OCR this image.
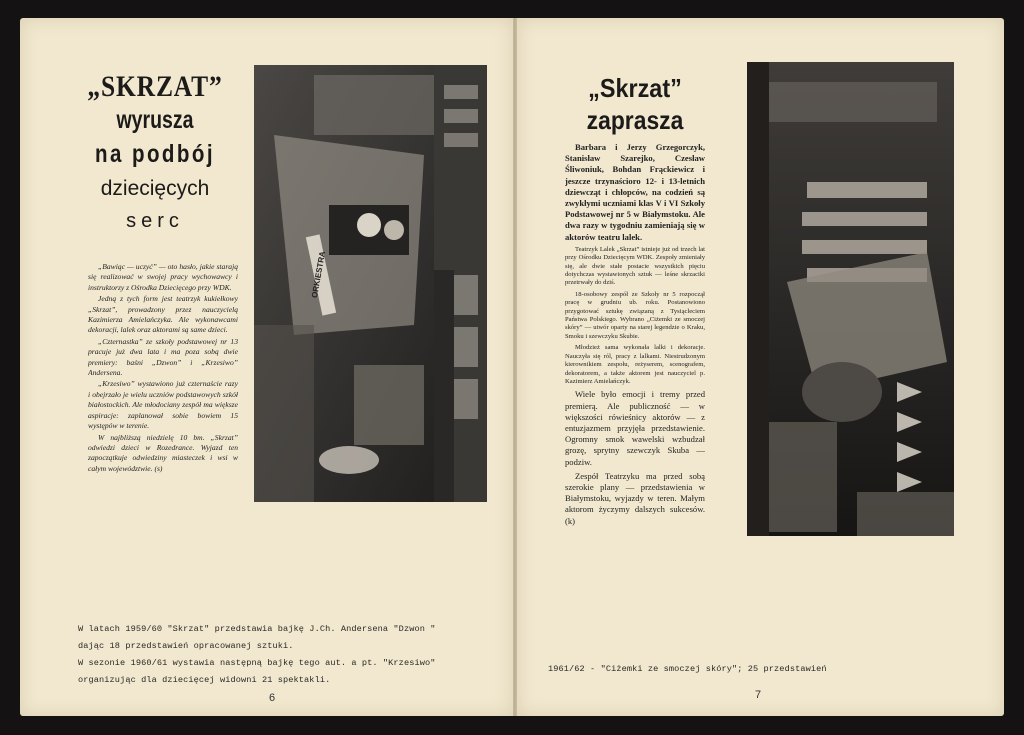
„SKRZAT”
wyrusza
na podbój
dziecięcych
serc

„Bawiąc — uczyć” — oto hasło, jakie starają się realizować w swojej pracy wychowawcy i instruktorzy z Ośrodka Dziecięcego przy WDK.

Jedną z tych form jest teatrzyk kukiełkowy „Skrzat”, prowadzony przez nauczycielą Kazimierza Amielańczyka. Ale wykonawcami dekoracji, lalek oraz aktorami są same dzieci.

„Czternastka” ze szkoły podstawowej nr 13 pracuje już dwa lata i ma poza sobą dwie premiery: baśni „Dzwon” i „Krzesiwo” Andersena.

„Krzesiwo” wystawiono już czternaście razy i obejrzało je wielu uczniów podstawowych szkół białostockich. Ale młodociany zespół ma większe aspiracje: zaplanował sobie bowiem 15 występów w terenie.

W najbliższą niedzielę 10 bm. „Skrzat” odwiedzi dzieci w Rozedrance. Wyjazd ten zapoczątkuje odwiedziny miasteczek i wsi w całym województwie. (s)

ORKIESTRA
W latach 1959/60 "Skrzat" przedstawia bajkę J.Ch. Andersena "Dzwon "
dając 18 przedstawień opracowanej sztuki.
W sezonie 1960/61 wystawia następną bajkę tego aut. a pt. "Krzesiwo"
organizując dla dziecięcej widowni 21 spektakli.
6
„Skrzat”
zaprasza

Barbara i Jerzy Grzegorczyk, Stanisław Szarejko, Czesław Śliwoniuk, Bohdan Frąckiewicz i jeszcze trzynaścioro 12- i 13-letnich dziewcząt i chłopców, na codzień są zwykłymi uczniami klas V i VI Szkoły Podstawowej nr 5 w Białymstoku. Ale dwa razy w tygodniu zamieniają się w aktorów teatru lalek.

Teatrzyk Lalek „Skrzat” istnieje już od trzech lat przy Ośrodku Dziecięcym WDK. Zespoły zmieniały się, ale dwie stałe postacie wszystkich pięciu dotychczas wystawionych sztuk — leśne skrzaciki przetrwały do dziś.

18-osobowy zespół ze Szkoły nr 5 rozpoczął pracę w grudniu ub. roku. Postanowiono przygotować sztukę związaną z Tysiącleciem Państwa Polskiego. Wybrano „Ciżemki ze smoczej skóry” — utwór oparty na starej legendzie o Kraku, Smoku i szewczyku Skubie.

Młodzież sama wykonała lalki i dekoracje. Nauczyła się ról, pracy z lalkami. Niestrudzonym kierownikiem zespołu, reżyserem, scenografem, dekoratorem, a także aktorem jest nauczyciel p. Kazimierz Amielańczyk.

Wiele było emocji i tremy przed premierą. Ale publiczność — w większości rówieśnicy aktorów — z entuzjazmem przyjęła przedstawienie. Ogromny smok wawelski wzbudzał grozę, sprytny szewczyk Skuba — podziw.

Zespół Teatrzyku ma przed sobą szerokie plany — przedstawienia w Białymstoku, wyjazdy w teren. Małym aktorom życzymy dalszych sukcesów. (k)

1961/62 - "Ciżemki ze smoczej skóry"; 25 przedstawień
7
